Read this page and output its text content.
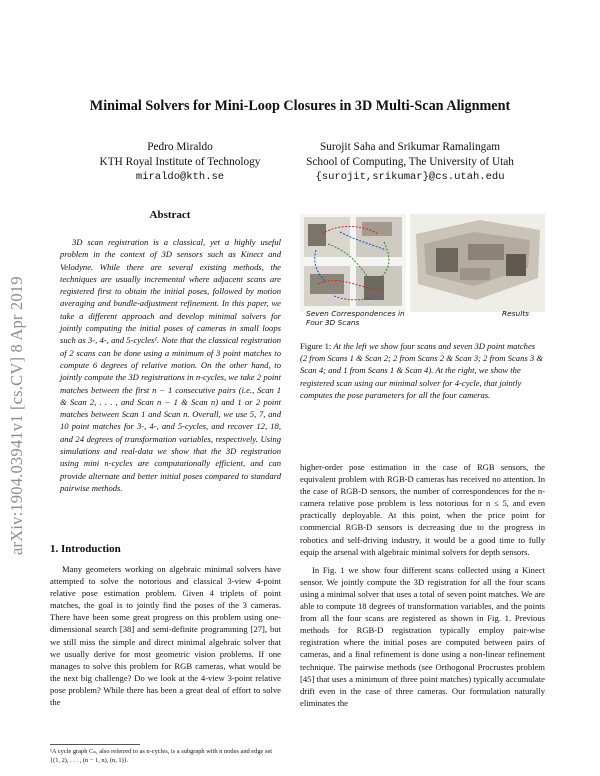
arXiv:1904.03941v1 [cs.CV] 8 Apr 2019
Minimal Solvers for Mini-Loop Closures in 3D Multi-Scan Alignment
Pedro Miraldo
KTH Royal Institute of Technology
miraldo@kth.se
Surojit Saha and Srikumar Ramalingam
School of Computing, The University of Utah
{surojit,srikumar}@cs.utah.edu
Abstract
3D scan registration is a classical, yet a highly useful problem in the context of 3D sensors such as Kinect and Velodyne. While there are several existing methods, the techniques are usually incremental where adjacent scans are registered first to obtain the initial poses, followed by motion averaging and bundle-adjustment refinement. In this paper, we take a different approach and develop minimal solvers for jointly computing the initial poses of cameras in small loops such as 3-, 4-, and 5-cycles¹. Note that the classical registration of 2 scans can be done using a minimum of 3 point matches to compute 6 degrees of relative motion. On the other hand, to jointly compute the 3D registrations in n-cycles, we take 2 point matches between the first n − 1 consecutive pairs (i.e., Scan 1 & Scan 2, . . . , and Scan n − 1 & Scan n) and 1 or 2 point matches between Scan 1 and Scan n. Overall, we use 5, 7, and 10 point matches for 3-, 4-, and 5-cycles, and recover 12, 18, and 24 degrees of transformation variables, respectively. Using simulations and real-data we show that the 3D registration using mini n-cycles are computationally efficient, and can provide alternate and better initial poses compared to standard pairwise methods.
1. Introduction
Many geometers working on algebraic minimal solvers have attempted to solve the notorious and classical 3-view 4-point relative pose estimation problem. Given 4 triplets of point matches, the goal is to jointly find the poses of the 3 cameras. There have been some great progress on this problem using one-dimensional search [38] and semi-definite programming [27], but we still miss the simple and direct minimal algebraic solver that we usually derive for most geometric vision problems. If one manages to solve this problem for RGB cameras, what would be the next big challenge? Do we look at the 4-view 3-point relative pose problem? While there has been a great deal of effort to solve the
¹A cycle graph Cₙ, also referred to as n-cycles, is a subgraph with n nodes and edge set {(1, 2), . . . , (n − 1, n), (n, 1)}.
Seven Correspondences in Four 3D Scans
Results
Figure 1: At the left we show four scans and seven 3D point matches (2 from Scans 1 & Scan 2; 2 from Scans 2 & Scan 3; 2 from Scans 3 & Scan 4; and 1 from Scans 1 & Scan 4). At the right, we show the registered scan using our minimal solver for 4-cycle, that jointly computes the pose parameters for all the four cameras.

higher-order pose estimation in the case of RGB sensors, the equivalent problem with RGB-D cameras has received no attention. In the case of RGB-D sensors, the number of correspondences for the n-camera relative pose problem is less notorious for n ≤ 5, and even practically deployable. At this point, when the price point for commercial RGB-D sensors is decreasing due to the progress in robotics and self-driving industry, it would be a good time to fully equip the arsenal with algebraic minimal solvers for depth sensors.

In Fig. 1 we show four different scans collected using a Kinect sensor. We jointly compute the 3D registration for all the four scans using a minimal solver that uses a total of seven point matches. We are able to compute 18 degrees of transformation variables, and the points from all the four scans are registered as shown in Fig. 1. Previous methods for RGB-D registration typically employ pair-wise registration where the initial poses are computed between pairs of cameras, and a final refinement is done using a non-linear refinement technique. The pairwise methods (see Orthogonal Procrustes problem [45] that uses a minimum of three point matches) typically accumulate drift even in the case of three cameras. Our formulation naturally eliminates the
